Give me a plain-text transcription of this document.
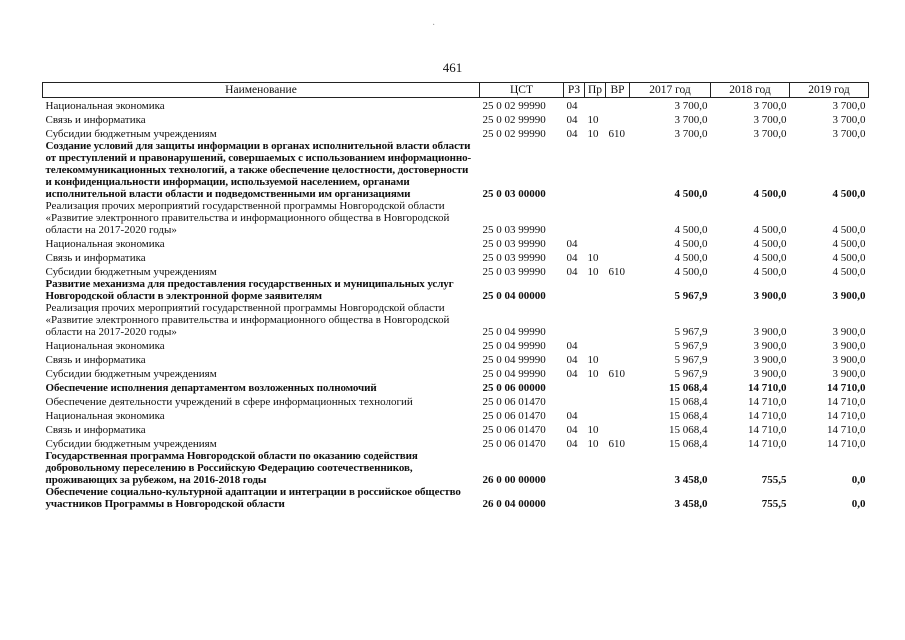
·
461
Наименование	ЦСТ	РЗ	Пр	ВР	2017 год	2018 год	2019 год
Национальная экономика	25 0 02 99990	04			3 700,0	3 700,0	3 700,0
Связь и информатика	25 0 02 99990	04	10		3 700,0	3 700,0	3 700,0
Субсидии бюджетным учреждениям	25 0 02 99990	04	10	610	3 700,0	3 700,0	3 700,0
Создание условий для защиты информации в органах исполнительной власти области от преступлений и правонарушений, совершаемых с использованием информационно-телекоммуникационных технологий, а также обеспечение целостности, достоверности и конфиденциальности информации, используемой населением, органами исполнительной власти области и подведомственными им организациями	25 0 03 00000				4 500,0	4 500,0	4 500,0
Реализация прочих мероприятий государственной программы Новгородской области «Развитие электронного правительства и информационного общества в Новгородской области на 2017-2020 годы»	25 0 03 99990				4 500,0	4 500,0	4 500,0
Национальная экономика	25 0 03 99990	04			4 500,0	4 500,0	4 500,0
Связь и информатика	25 0 03 99990	04	10		4 500,0	4 500,0	4 500,0
Субсидии бюджетным учреждениям	25 0 03 99990	04	10	610	4 500,0	4 500,0	4 500,0
Развитие механизма для предоставления государственных и муниципальных услуг Новгородской области в электронной форме заявителям	25 0 04 00000				5 967,9	3 900,0	3 900,0
Реализация прочих мероприятий государственной программы Новгородской области «Развитие электронного правительства и информационного общества в Новгородской области на 2017-2020 годы»	25 0 04 99990				5 967,9	3 900,0	3 900,0
Национальная экономика	25 0 04 99990	04			5 967,9	3 900,0	3 900,0
Связь и информатика	25 0 04 99990	04	10		5 967,9	3 900,0	3 900,0
Субсидии бюджетным учреждениям	25 0 04 99990	04	10	610	5 967,9	3 900,0	3 900,0
Обеспечение исполнения департаментом возложенных полномочий	25 0 06 00000				15 068,4	14 710,0	14 710,0
Обеспечение деятельности учреждений в сфере информационных технологий	25 0 06 01470				15 068,4	14 710,0	14 710,0
Национальная экономика	25 0 06 01470	04			15 068,4	14 710,0	14 710,0
Связь и информатика	25 0 06 01470	04	10		15 068,4	14 710,0	14 710,0
Субсидии бюджетным учреждениям	25 0 06 01470	04	10	610	15 068,4	14 710,0	14 710,0
Государственная программа Новгородской области по оказанию содействия добровольному переселению в Российскую Федерацию соотечественников, проживающих за рубежом, на 2016-2018 годы	26 0 00 00000				3 458,0	755,5	0,0
Обеспечение социально-культурной адаптации и интеграции в российское общество участников Программы в Новгородской области	26 0 04 00000				3 458,0	755,5	0,0
